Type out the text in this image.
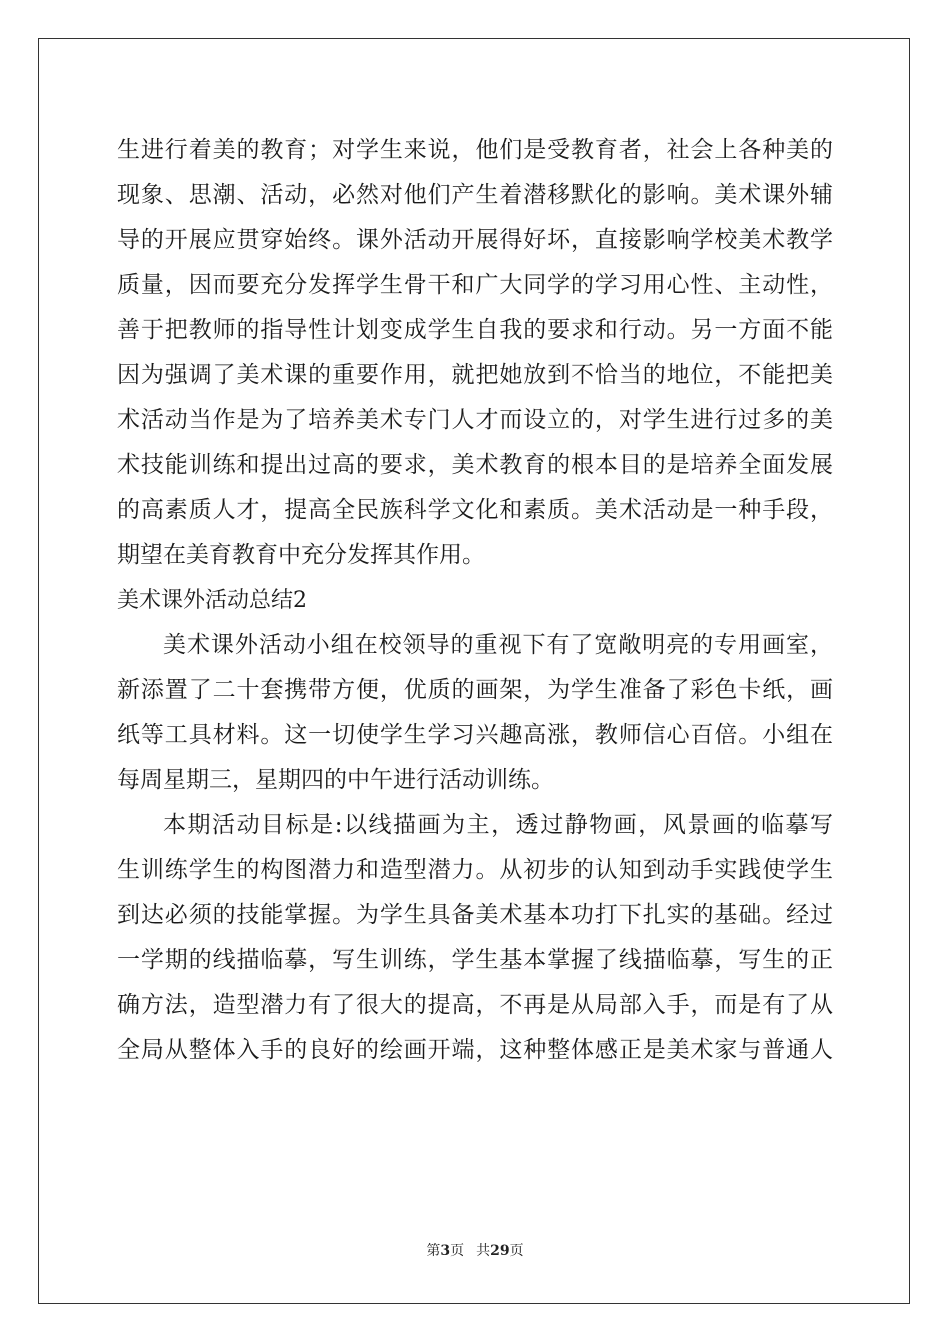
生进行着美的教育；对学生来说，他们是受教育者，社会上各种美的
现象、思潮、活动，必然对他们产生着潜移默化的影响。美术课外辅
导的开展应贯穿始终。课外活动开展得好坏，直接影响学校美术教学
质量，因而要充分发挥学生骨干和广大同学的学习用心性、主动性，
善于把教师的指导性计划变成学生自我的要求和行动。另一方面不能
因为强调了美术课的重要作用，就把她放到不恰当的地位，不能把美
术活动当作是为了培养美术专门人才而设立的，对学生进行过多的美
术技能训练和提出过高的要求，美术教育的根本目的是培养全面发展
的高素质人才，提高全民族科学文化和素质。美术活动是一种手段，
期望在美育教育中充分发挥其作用。
美术课外活动总结2
美术课外活动小组在校领导的重视下有了宽敞明亮的专用画室，
新添置了二十套携带方便，优质的画架，为学生准备了彩色卡纸，画
纸等工具材料。这一切使学生学习兴趣高涨，教师信心百倍。小组在
每周星期三，星期四的中午进行活动训练。
本期活动目标是:以线描画为主，透过静物画，风景画的临摹写
生训练学生的构图潜力和造型潜力。从初步的认知到动手实践使学生
到达必须的技能掌握。为学生具备美术基本功打下扎实的基础。经过
一学期的线描临摹，写生训练，学生基本掌握了线描临摹，写生的正
确方法，造型潜力有了很大的提高，不再是从局部入手，而是有了从
全局从整体入手的良好的绘画开端，这种整体感正是美术家与普通人
第3页 共29页
